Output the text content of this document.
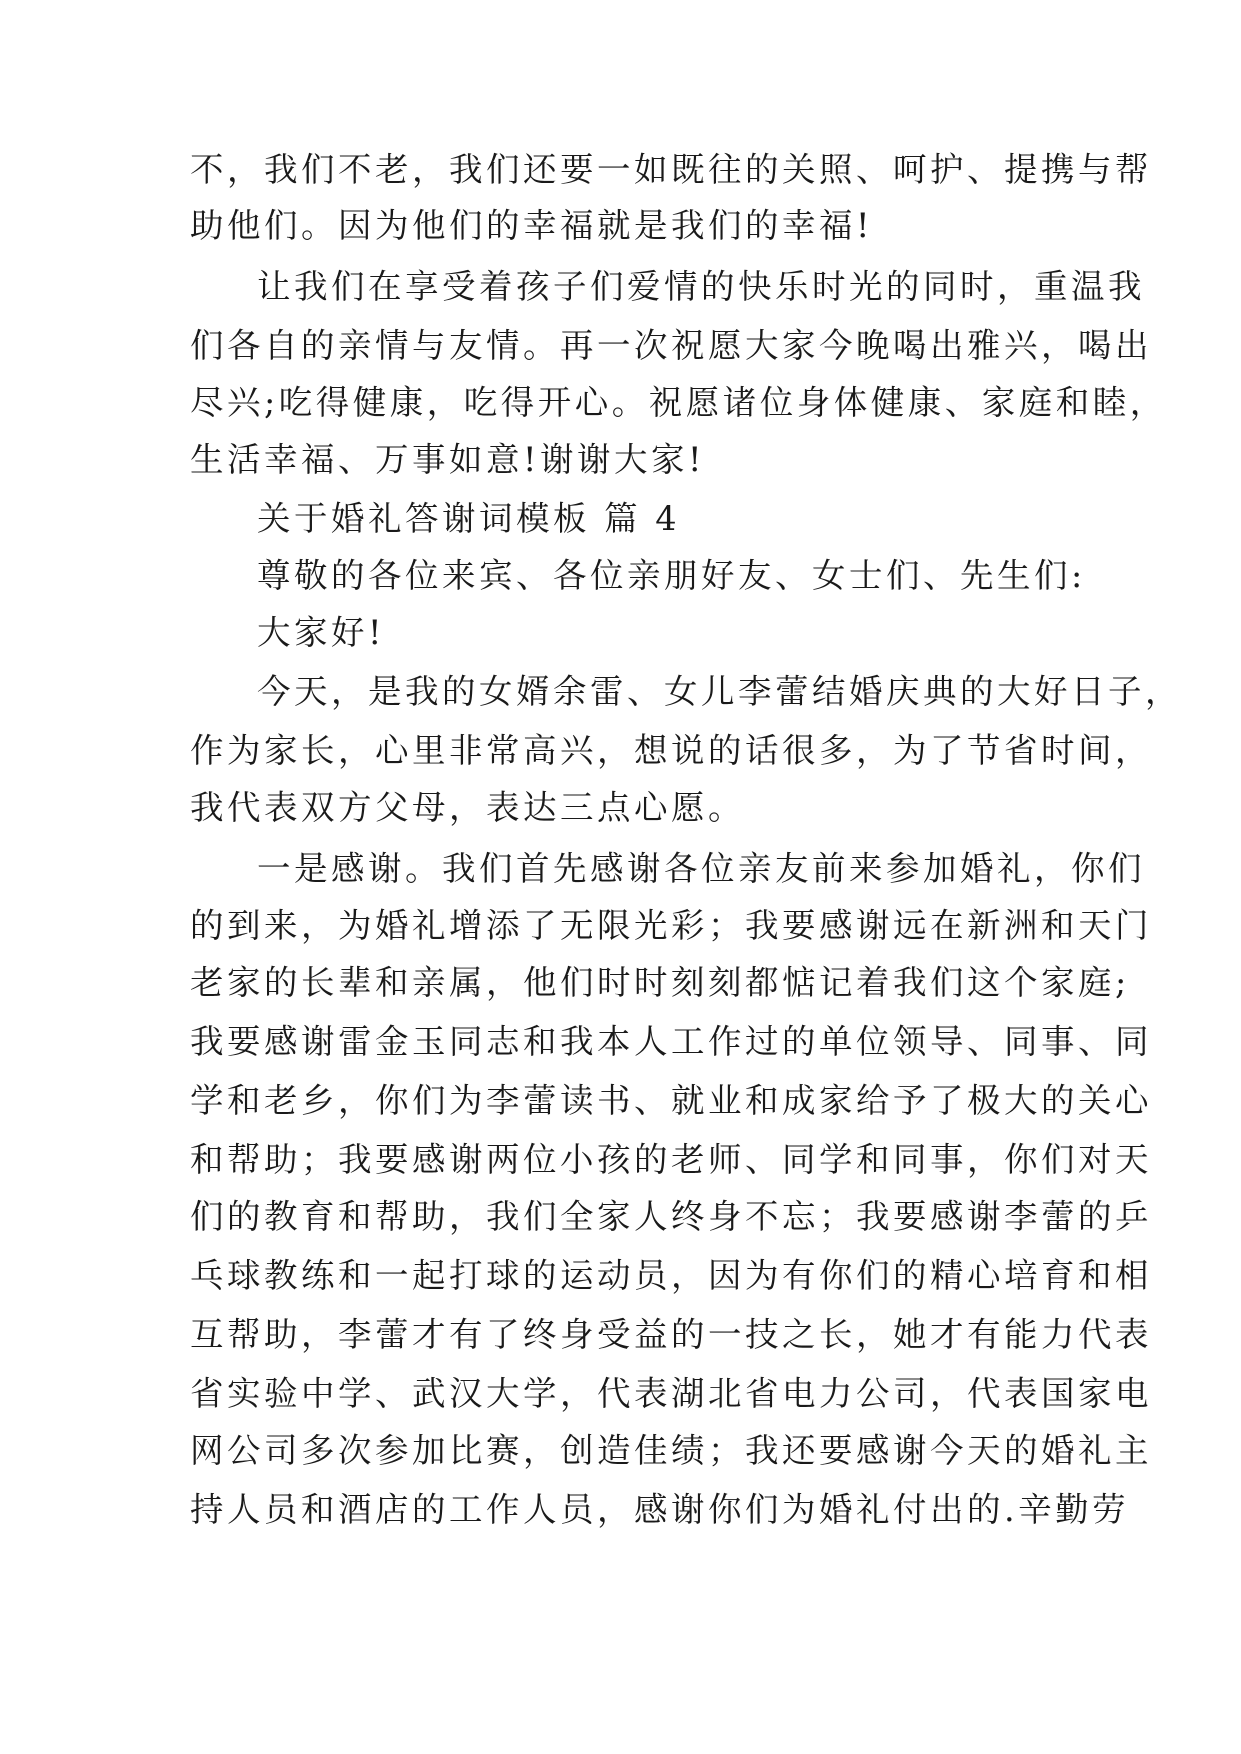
不，我们不老，我们还要一如既往的关照、呵护、提携与帮
助他们。因为他们的幸福就是我们的幸福!
让我们在享受着孩子们爱情的快乐时光的同时，重温我
们各自的亲情与友情。再一次祝愿大家今晚喝出雅兴，喝出
尽兴;吃得健康，吃得开心。祝愿诸位身体健康、家庭和睦，
生活幸福、万事如意!谢谢大家!
关于婚礼答谢词模板 篇 4
尊敬的各位来宾、各位亲朋好友、女士们、先生们:
大家好!
今天，是我的女婿余雷、女儿李蕾结婚庆典的大好日子，
作为家长，心里非常高兴，想说的话很多，为了节省时间，
我代表双方父母，表达三点心愿。
一是感谢。我们首先感谢各位亲友前来参加婚礼，你们
的到来，为婚礼增添了无限光彩；我要感谢远在新洲和天门
老家的长辈和亲属，他们时时刻刻都惦记着我们这个家庭;
我要感谢雷金玉同志和我本人工作过的单位领导、同事、同
学和老乡，你们为李蕾读书、就业和成家给予了极大的关心
和帮助；我要感谢两位小孩的老师、同学和同事，你们对天
们的教育和帮助，我们全家人终身不忘；我要感谢李蕾的乒
乓球教练和一起打球的运动员，因为有你们的精心培育和相
互帮助，李蕾才有了终身受益的一技之长，她才有能力代表
省实验中学、武汉大学，代表湖北省电力公司，代表国家电
网公司多次参加比赛，创造佳绩；我还要感谢今天的婚礼主
持人员和酒店的工作人员，感谢你们为婚礼付出的.辛勤劳
